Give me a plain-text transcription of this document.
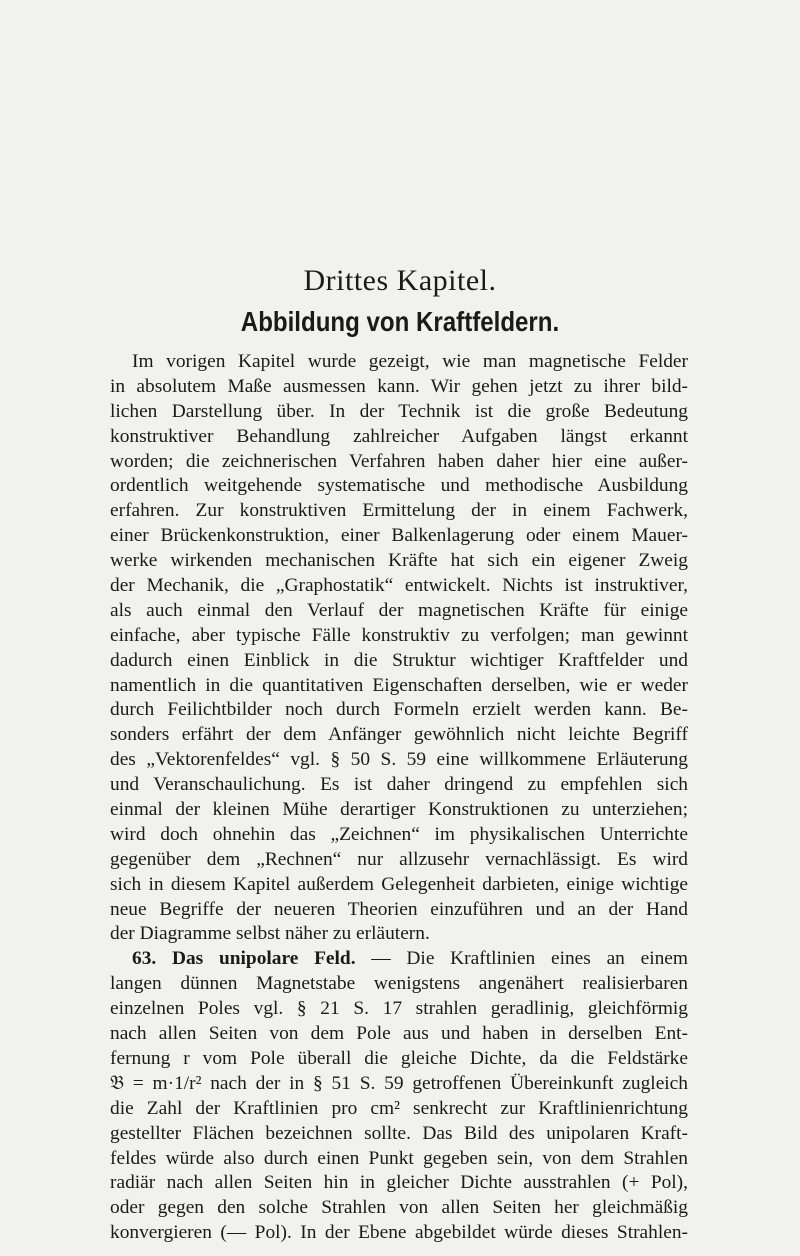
Drittes Kapitel.
Abbildung von Kraftfeldern.
Im vorigen Kapitel wurde gezeigt, wie man magnetische Felder
in absolutem Maße ausmessen kann. Wir gehen jetzt zu ihrer bild-
lichen Darstellung über. In der Technik ist die große Bedeutung
konstruktiver Behandlung zahlreicher Aufgaben längst erkannt
worden; die zeichnerischen Verfahren haben daher hier eine außer-
ordentlich weitgehende systematische und methodische Ausbildung
erfahren. Zur konstruktiven Ermittelung der in einem Fachwerk,
einer Brückenkonstruktion, einer Balkenlagerung oder einem Mauer-
werke wirkenden mechanischen Kräfte hat sich ein eigener Zweig
der Mechanik, die „Graphostatik“ entwickelt. Nichts ist instruktiver,
als auch einmal den Verlauf der magnetischen Kräfte für einige
einfache, aber typische Fälle konstruktiv zu verfolgen; man gewinnt
dadurch einen Einblick in die Struktur wichtiger Kraftfelder und
namentlich in die quantitativen Eigenschaften derselben, wie er weder
durch Feilichtbilder noch durch Formeln erzielt werden kann. Be-
sonders erfährt der dem Anfänger gewöhnlich nicht leichte Begriff
des „Vektorenfeldes“ vgl. § 50 S. 59 eine willkommene Erläuterung
und Veranschaulichung. Es ist daher dringend zu empfehlen sich
einmal der kleinen Mühe derartiger Konstruktionen zu unterziehen;
wird doch ohnehin das „Zeichnen“ im physikalischen Unterrichte
gegenüber dem „Rechnen“ nur allzusehr vernachlässigt. Es wird
sich in diesem Kapitel außerdem Gelegenheit darbieten, einige wichtige
neue Begriffe der neueren Theorien einzuführen und an der Hand
der Diagramme selbst näher zu erläutern.
63. Das unipolare Feld. — Die Kraftlinien eines an einem
langen dünnen Magnetstabe wenigstens angenähert realisierbaren
einzelnen Poles vgl. § 21 S. 17 strahlen geradlinig, gleichförmig
nach allen Seiten von dem Pole aus und haben in derselben Ent-
fernung r vom Pole überall die gleiche Dichte, da die Feldstärke
𝔅 = m·1/r² nach der in § 51 S. 59 getroffenen Übereinkunft zugleich
die Zahl der Kraftlinien pro cm² senkrecht zur Kraftlinienrichtung
gestellter Flächen bezeichnen sollte. Das Bild des unipolaren Kraft-
feldes würde also durch einen Punkt gegeben sein, von dem Strahlen
radiär nach allen Seiten hin in gleicher Dichte ausstrahlen (+ Pol),
oder gegen den solche Strahlen von allen Seiten her gleichmäßig
konvergieren (— Pol). In der Ebene abgebildet würde dieses Strahlen-
